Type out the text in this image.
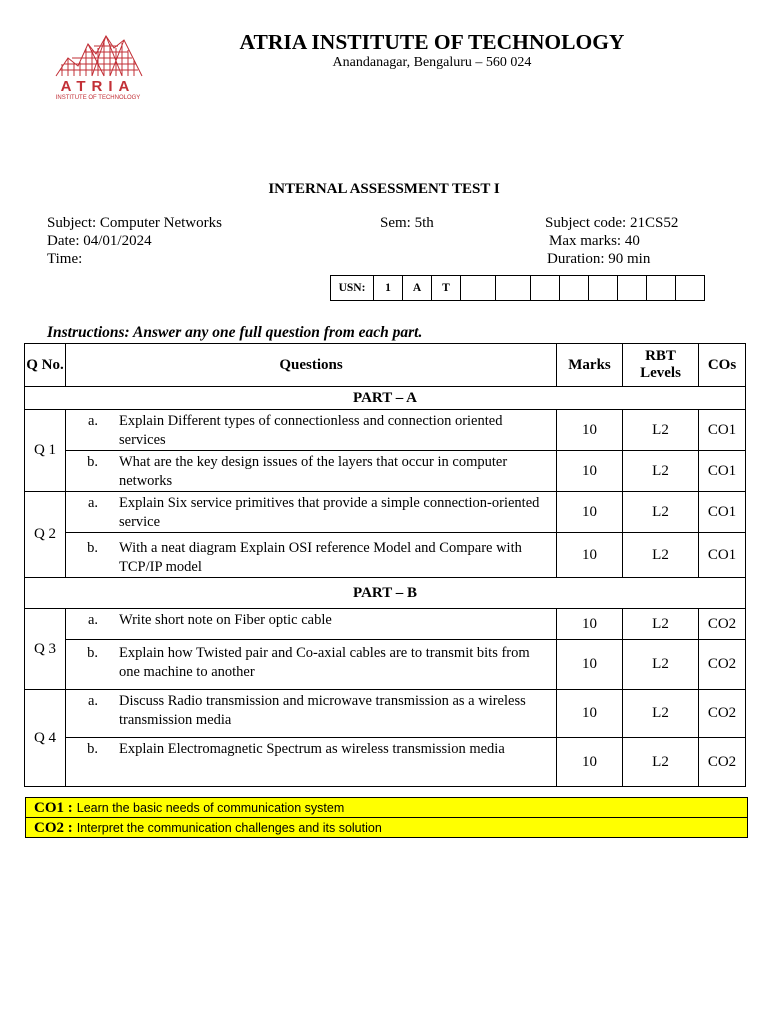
ATRIA
INSTITUTE OF TECHNOLOGY
ATRIA INSTITUTE OF TECHNOLOGY
Anandanagar, Bengaluru – 560 024
INTERNAL ASSESSMENT TEST I
Subject: Computer Networks	Sem: 5th	Subject code: 21CS52
Date: 04/01/2024	Max marks: 40
Time:	Duration: 90 min
USN:	1	A	T								
Instructions: Answer any one full question from each part.
Q No.	Questions	Marks	RBT Levels	COs
PART – A				
Q 1	a. Explain Different types of connectionless and connection oriented services	10	L2	CO1

	b. What are the key design issues of the layers that occur in computer networks	10	L2	CO1
Q 2	a. Explain Six service primitives that provide a simple connection-oriented service	10	L2	CO1

	b. With a neat diagram Explain OSI reference Model and Compare with TCP/IP model	10	L2	CO1
PART – B				
Q 3	a. Write short note on Fiber optic cable	10	L2	CO2

	b. Explain how Twisted pair and Co-axial cables are to transmit bits from one machine to another	10	L2	CO2
Q 4	a. Discuss Radio transmission and microwave transmission as a wireless transmission media	10	L2	CO2

	b. Explain Electromagnetic Spectrum as wireless transmission media	10	L2	CO2
CO1 : Learn the basic needs of communication system
CO2 : Interpret the communication challenges and its solution
